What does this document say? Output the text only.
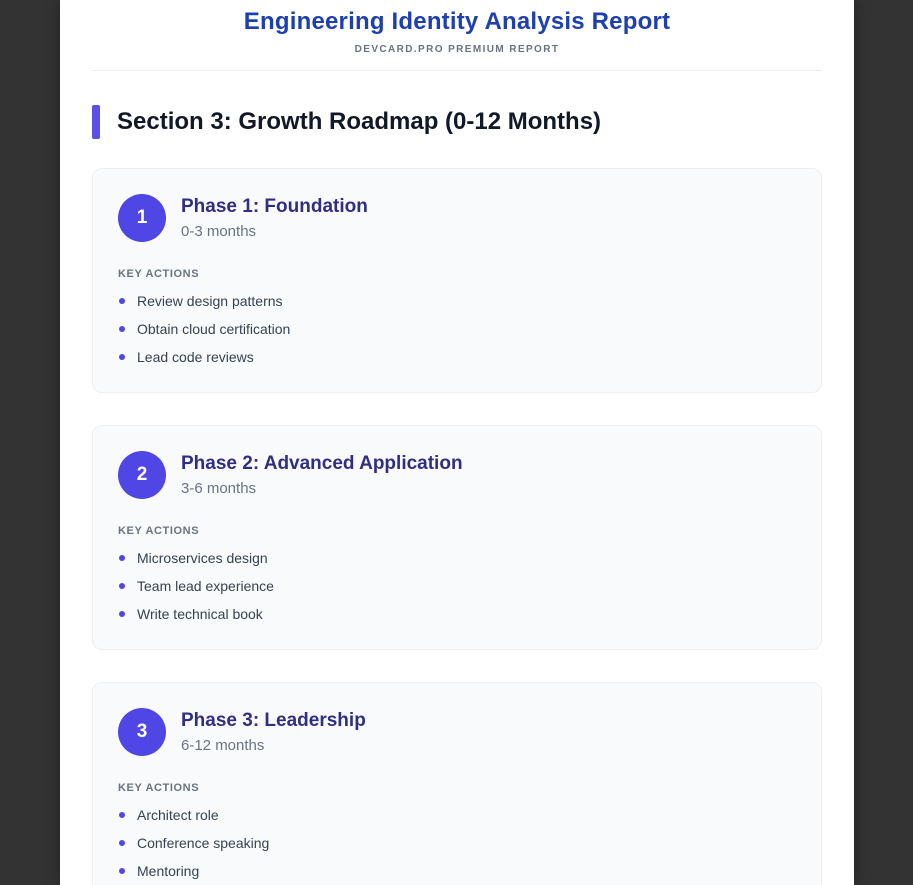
Engineering Identity Analysis Report
DEVCARD.PRO PREMIUM REPORT
Section 3: Growth Roadmap (0-12 Months)
1
Phase 1: Foundation
0-3 months
KEY ACTIONS
Review design patterns
Obtain cloud certification
Lead code reviews
2
Phase 2: Advanced Application
3-6 months
KEY ACTIONS
Microservices design
Team lead experience
Write technical book
3
Phase 3: Leadership
6-12 months
KEY ACTIONS
Architect role
Conference speaking
Mentoring
